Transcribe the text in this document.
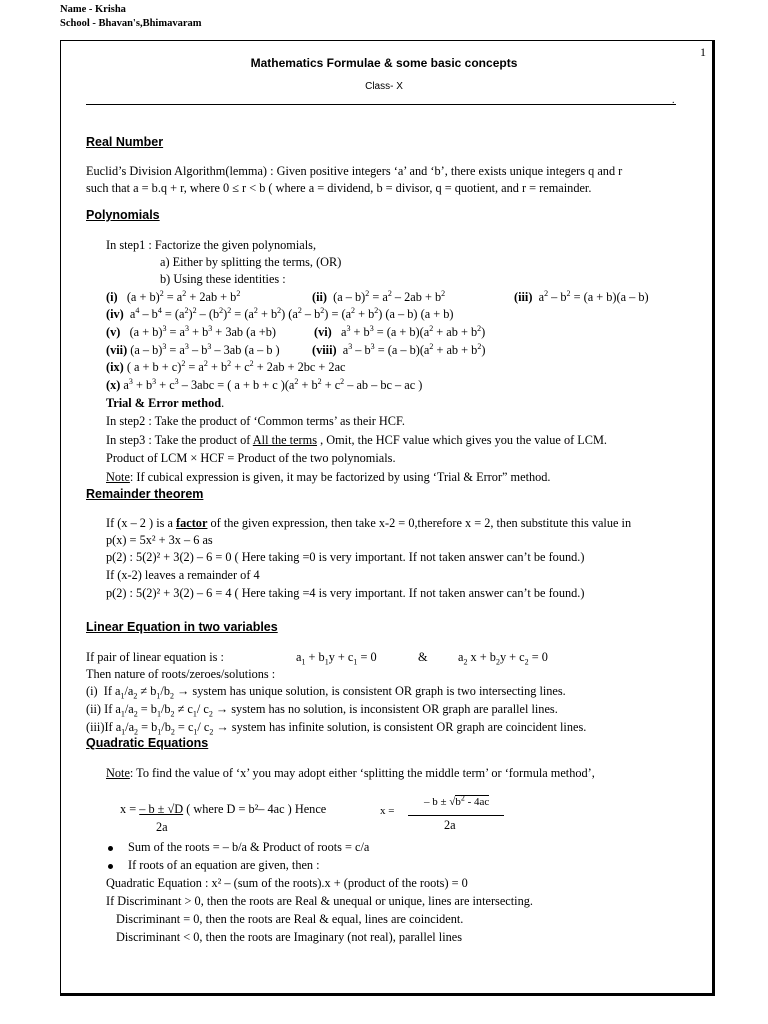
Name - Krisha
School - Bhavan's,Bhimavaram
1
Mathematics Formulae & some basic concepts
Class- X
.
Real Number
Euclid’s Division Algorithm(lemma) : Given positive integers ‘a’ and ‘b’, there exists unique integers q and r
such that a = b.q + r, where 0 ≤ r < b ( where a = dividend, b = divisor, q = quotient, and r = remainder.
Polynomials
In step1 : Factorize the given polynomials,
a) Either by splitting the terms, (OR)
b) Using these identities :
(i)   $(a + b)^2 = a^2 + 2ab + b^2$	(ii)  $(a - b)^2 = a^2 - 2ab + b^2$	(iii)  $a^2 - b^2 = (a + b)(a - b)$
(iv)  $a^4 - b^4 = (a^2)^2 - (b^2)^2 = (a^2 + b^2)$ $(a^2 - b^2) = (a^2 + b^2)$ (a – b) (a + b)
(v)   $(a + b)^3 = a^3 + b^3 + 3ab$ (a +b)	(vi)   $a^3 + b^3 = (a + b)(a^2$ + ab + $b^2$)
(vii) $(a - b)^3 = a^3 - b^3 - 3ab$ (a – b )	(viii)  $a^3 - b^3 = (a - b)(a^2$ + ab + $b^2$)
(ix) ( $a + b + c)^2 = a^2 + b^2 + c^2 + 2ab + 2bc + 2ac$
(x) $a^3 + b^3 + c^3 - 3abc$ = ( a + b + c )($a^2 + b^2 + c^2$ – ab – bc – ac )
Trial & Error method.
In step2 : Take the product of ‘Common terms’ as their HCF.
In step3 : Take the product of All the terms , Omit, the HCF value which gives you the value of LCM.
Product of LCM × HCF = Product of the two polynomials.
Note: If cubical expression is given, it may be factorized by using ‘Trial & Error” method.
Remainder theorem
If (x – 2 ) is a factor of the given expression, then take x-2 = 0,therefore x = 2, then substitute this value in
p(x) = 5x² + 3x – 6 as
p(2) : 5(2)² + 3(2) – 6 = 0 ( Here taking =0 is very important. If not taken answer can’t be found.)
If (x-2) leaves a remainder of 4
p(2) : 5(2)² + 3(2) – 6 = 4 ( Here taking =4 is very important. If not taken answer can’t be found.)
Linear Equation in two variables
If pair of linear equation is :	$a_1 + b_1y + c_1 = 0$	& $a_2$ $x + b_2y + c_2 = 0$
Then nature of roots/zeroes/solutions :
(i)  If $a_1/a_2 \ne b_1/b_2$ → system has unique solution, is consistent OR graph is two intersecting lines.
(ii) If $a_1/a_2 = b_1/b_2 \ne c_1/$ $c_2$ → system has no solution, is inconsistent OR graph are parallel lines.
(iii)If $a_1/a_2 = b_1/b_2 = c_1/$ $c_2$ → system has infinite solution, is consistent OR graph are coincident lines.
Quadratic Equations
Note: To find the value of ‘x’ you may adopt either ‘splitting the middle term’ or ‘formula method’,
x = – b ± √D ( where D = b²– 4ac ) Hence
2a
x =
– $b \pm √b^2 - 4ac$
2a
Sum of the roots = – b/a & Product of roots = c/a
If roots of an equation are given, then :
Quadratic Equation : x² – (sum of the roots).x + (product of the roots) = 0
If Discriminant > 0, then the roots are Real & unequal or unique, lines are intersecting.
Discriminant = 0, then the roots are Real & equal, lines are coincident.
Discriminant < 0, then the roots are Imaginary (not real), parallel lines
